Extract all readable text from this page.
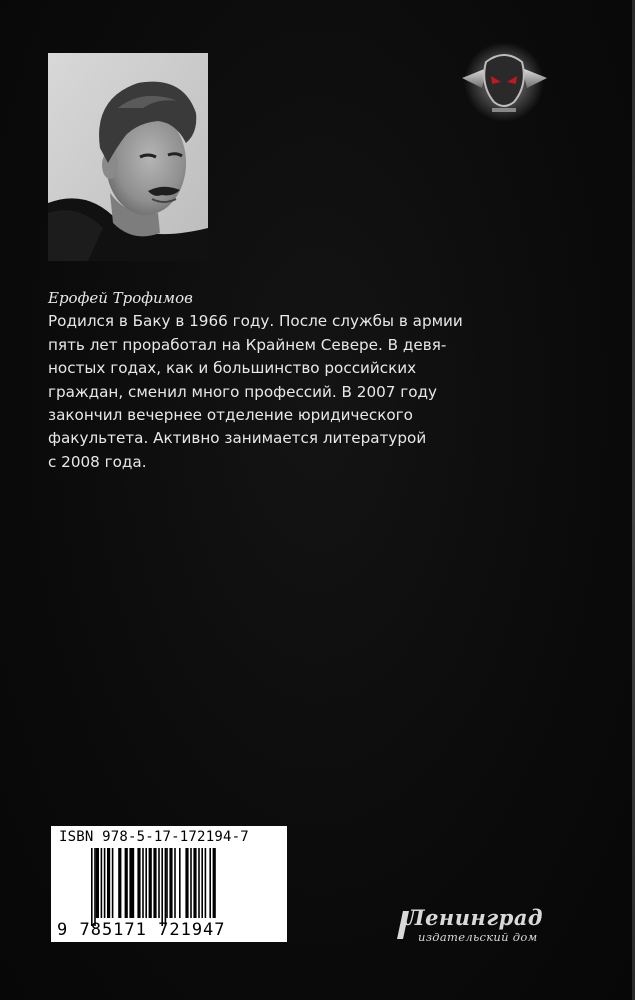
Ерофей Трофимов

Родился в Баку в 1966 году. После службы в армии
пять лет проработал на Крайнем Севере. В девя-
ностых годах, как и большинство российских
граждан, сменил много профессий. В 2007 году
закончил вечернее отделение юридического
факультета. Активно занимается литературой
с 2008 года.

ISBN 978-5-17-172194-7
9 785171 721947	Ленинград
издательский дом
